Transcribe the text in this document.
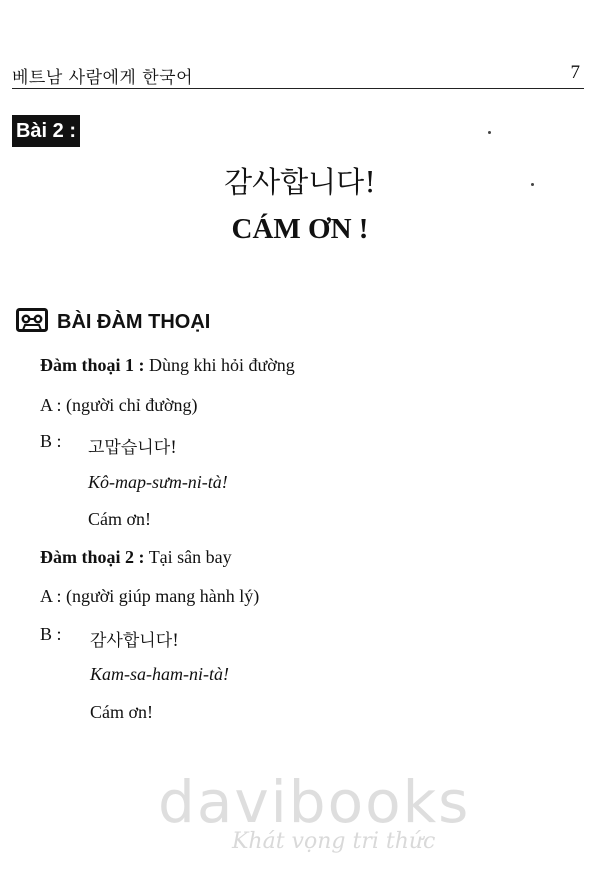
베트남 사람에게 한국어	7
Bài 2 :
감사합니다!
CÁM ƠN !
BÀI ĐÀM THOẠI
Đàm thoại 1 : Dùng khi hỏi đường
A : (người chỉ đường)
B : 고맙습니다!
Kô-map-sưm-ni-tà!
Cám ơn!
Đàm thoại 2 : Tại sân bay
A : (người giúp mang hành lý)
B : 감사합니다!
Kam-sa-ham-ni-tà!
Cám ơn!
davibooks
Khát vọng tri thức
